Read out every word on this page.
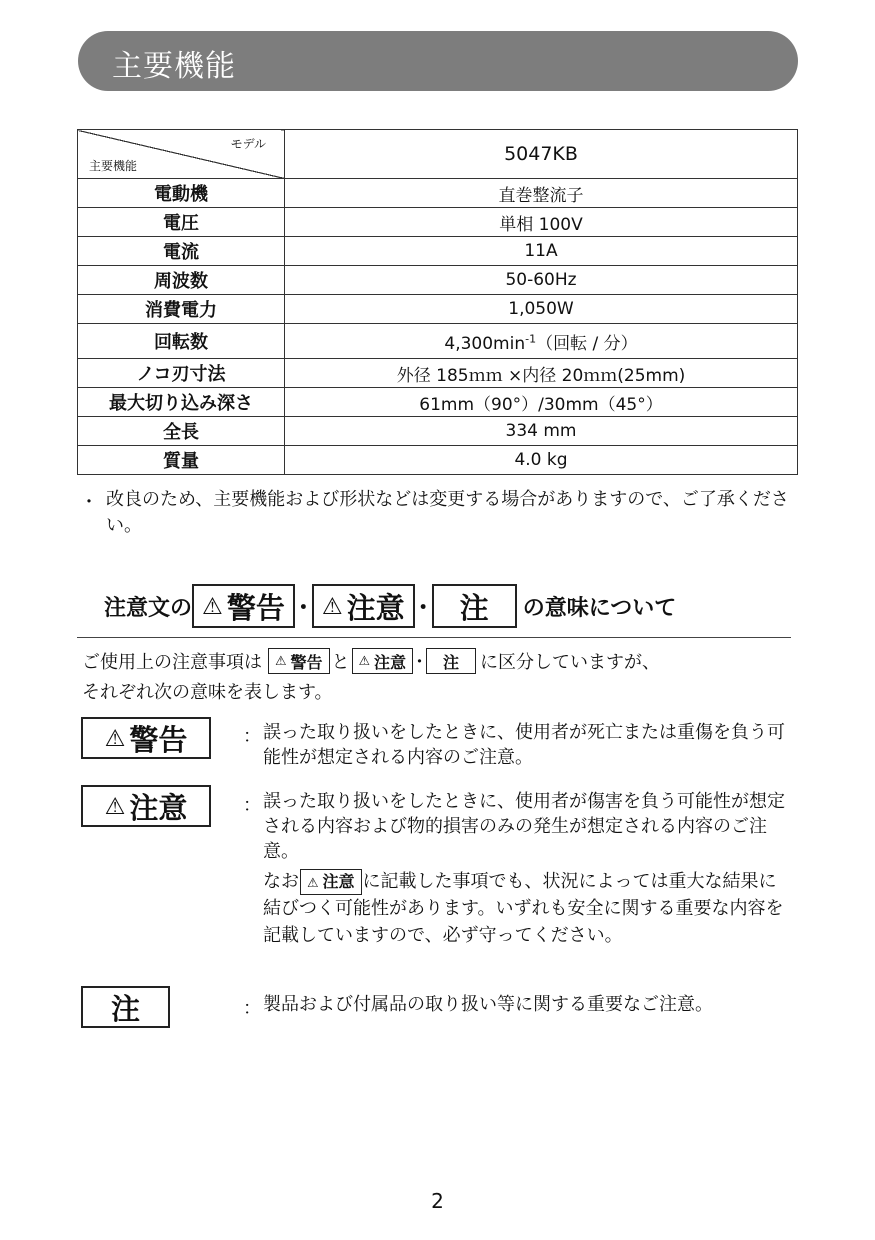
主要機能
モデル
主要機能	5047KB
電動機	直巻整流子
電圧	単相 100V
電流	11A
周波数	50-60Hz
消費電力	1,050W
回転数	$4,300\min^{-1}$（回転 / 分）
ノコ刃寸法	外径 185ｍｍ ×内径 20ｍｍ(25mm)
最大切り込み深さ	61mm（90°）/30mm（45°）
全長	334 mm
質量	4.0 kg
・ 改良のため、主要機能および形状などは変更する場合がありますので、ご了承ください。
注意文の ⚠ 警告 ･ ⚠ 注意 ･ 注 の意味について
ご使用上の注意事項は ⚠ 警告 と ⚠ 注意 ･ 注 に区分していますが、
それぞれ次の意味を表します。
⚠ 警告	： 誤った取り扱いをしたときに、使用者が死亡または重傷を負う可能性が想定される内容のご注意。
⚠ 注意	： 誤った取り扱いをしたときに、使用者が傷害を負う可能性が想定される内容および物的損害のみの発生が想定される内容のご注意。
なお ⚠ 注意 に記載した事項でも、状況によっては重大な結果に結びつく可能性があります。いずれも安全に関する重要な内容を記載していますので、必ず守ってください。
注	： 製品および付属品の取り扱い等に関する重要なご注意。
2
